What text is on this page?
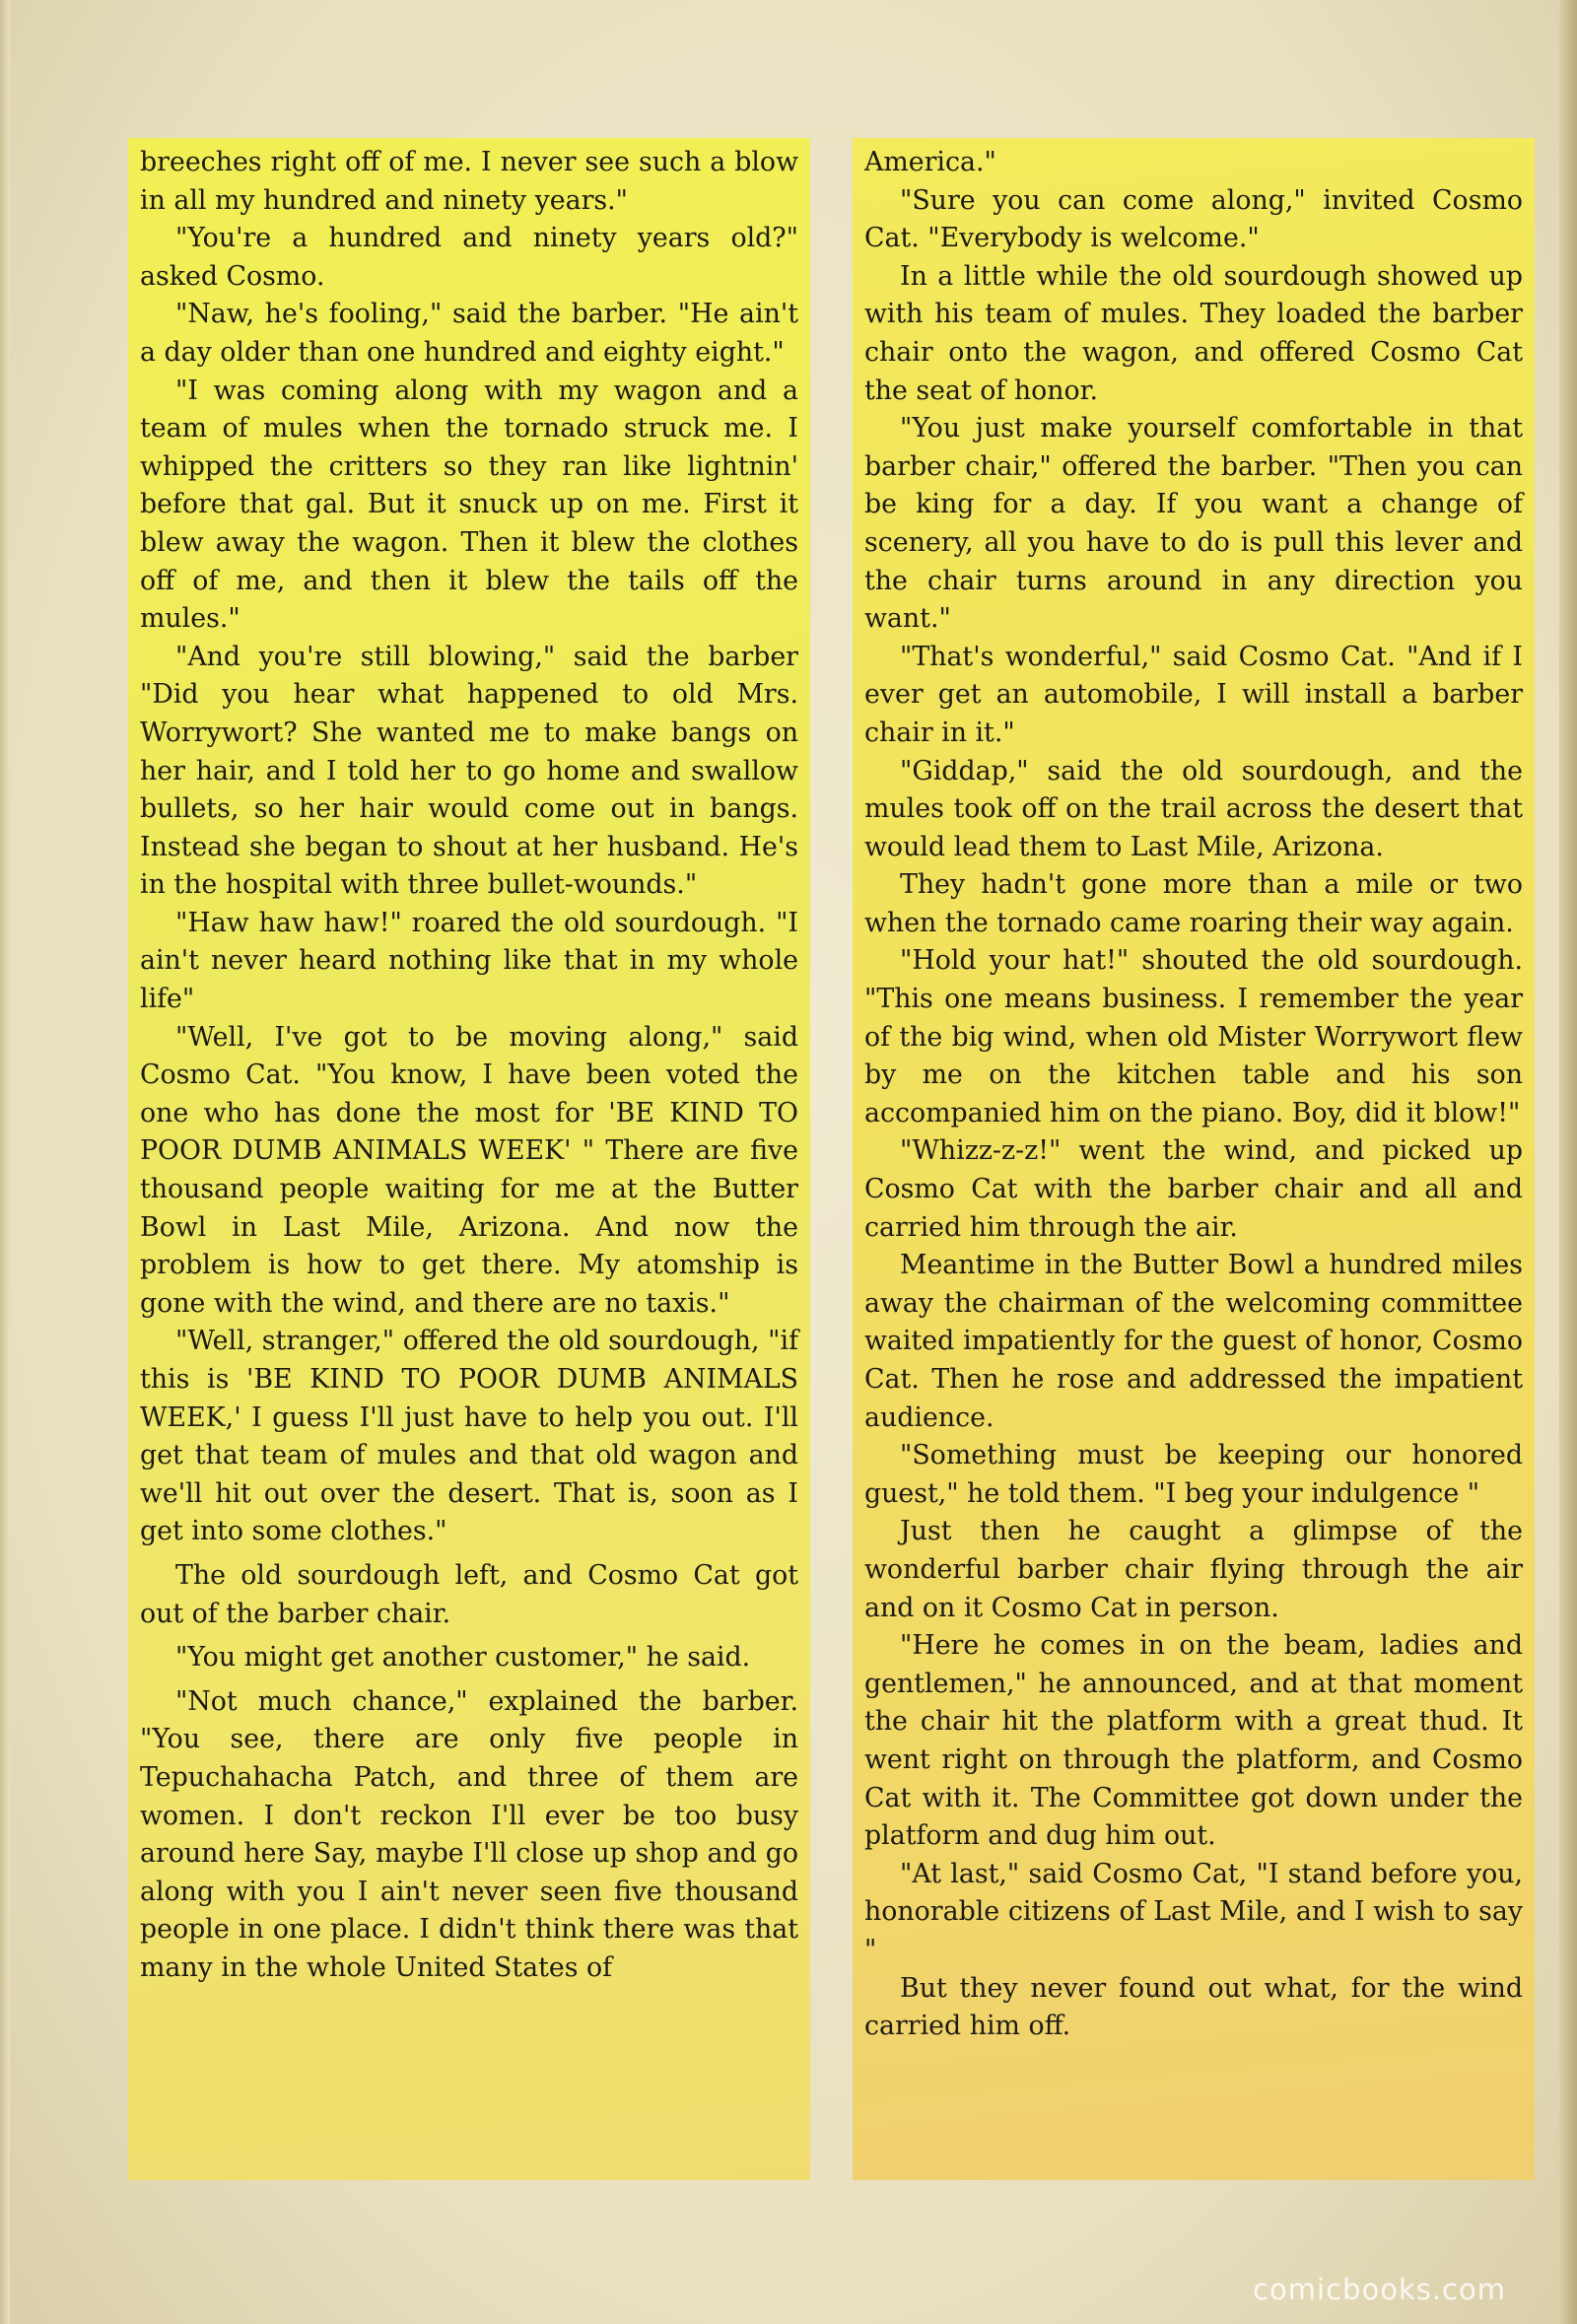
breeches right off of me. I never see such a blow in all my hundred and ninety years."

"You're a hundred and ninety years old?" asked Cosmo.

"Naw, he's fooling," said the barber. "He ain't a day older than one hundred and eighty eight."

"I was coming along with my wagon and a team of mules when the tornado struck me. I whipped the critters so they ran like lightnin' before that gal. But it snuck up on me. First it blew away the wagon. Then it blew the clothes off of me, and then it blew the tails off the mules."

"And you're still blowing," said the barber "Did you hear what happened to old Mrs. Worrywort? She wanted me to make bangs on her hair, and I told her to go home and swallow bullets, so her hair would come out in bangs. Instead she began to shout at her husband. He's in the hospital with three bullet-wounds."

"Haw haw haw!" roared the old sourdough. "I ain't never heard nothing like that in my whole life"

"Well, I've got to be moving along," said Cosmo Cat. "You know, I have been voted the one who has done the most for 'BE KIND TO POOR DUMB ANIMALS WEEK' " There are five thousand people waiting for me at the Butter Bowl in Last Mile, Arizona. And now the problem is how to get there. My atomship is gone with the wind, and there are no taxis."

"Well, stranger," offered the old sourdough, "if this is 'BE KIND TO POOR DUMB ANIMALS WEEK,' I guess I'll just have to help you out. I'll get that team of mules and that old wagon and we'll hit out over the desert. That is, soon as I get into some clothes."

The old sourdough left, and Cosmo Cat got out of the barber chair.

"You might get another customer," he said.

"Not much chance," explained the barber. "You see, there are only five people in Tepuchahacha Patch, and three of them are women. I don't reckon I'll ever be too busy around here Say, maybe I'll close up shop and go along with you I ain't never seen five thousand people in one place. I didn't think there was that many in the whole United States of

America."

"Sure you can come along," invited Cosmo Cat. "Everybody is welcome."

In a little while the old sourdough showed up with his team of mules. They loaded the barber chair onto the wagon, and offered Cosmo Cat the seat of honor.

"You just make yourself comfortable in that barber chair," offered the barber. "Then you can be king for a day. If you want a change of scenery, all you have to do is pull this lever and the chair turns around in any direction you want."

"That's wonderful," said Cosmo Cat. "And if I ever get an automobile, I will install a barber chair in it."

"Giddap," said the old sourdough, and the mules took off on the trail across the desert that would lead them to Last Mile, Arizona.

They hadn't gone more than a mile or two when the tornado came roaring their way again.

"Hold your hat!" shouted the old sourdough. "This one means business. I remember the year of the big wind, when old Mister Worrywort flew by me on the kitchen table and his son accompanied him on the piano. Boy, did it blow!"

"Whizz-z-z!" went the wind, and picked up Cosmo Cat with the barber chair and all and carried him through the air.

Meantime in the Butter Bowl a hundred miles away the chairman of the welcoming committee waited impatiently for the guest of honor, Cosmo Cat. Then he rose and addressed the impatient audience.

"Something must be keeping our honored guest," he told them. "I beg your indulgence "

Just then he caught a glimpse of the wonderful barber chair flying through the air and on it Cosmo Cat in person.

"Here he comes in on the beam, ladies and gentlemen," he announced, and at that moment the chair hit the platform with a great thud. It went right on through the platform, and Cosmo Cat with it. The Committee got down under the platform and dug him out.

"At last," said Cosmo Cat, "I stand before you, honorable citizens of Last Mile, and I wish to say "

But they never found out what, for the wind carried him off.

comicbooks.com
